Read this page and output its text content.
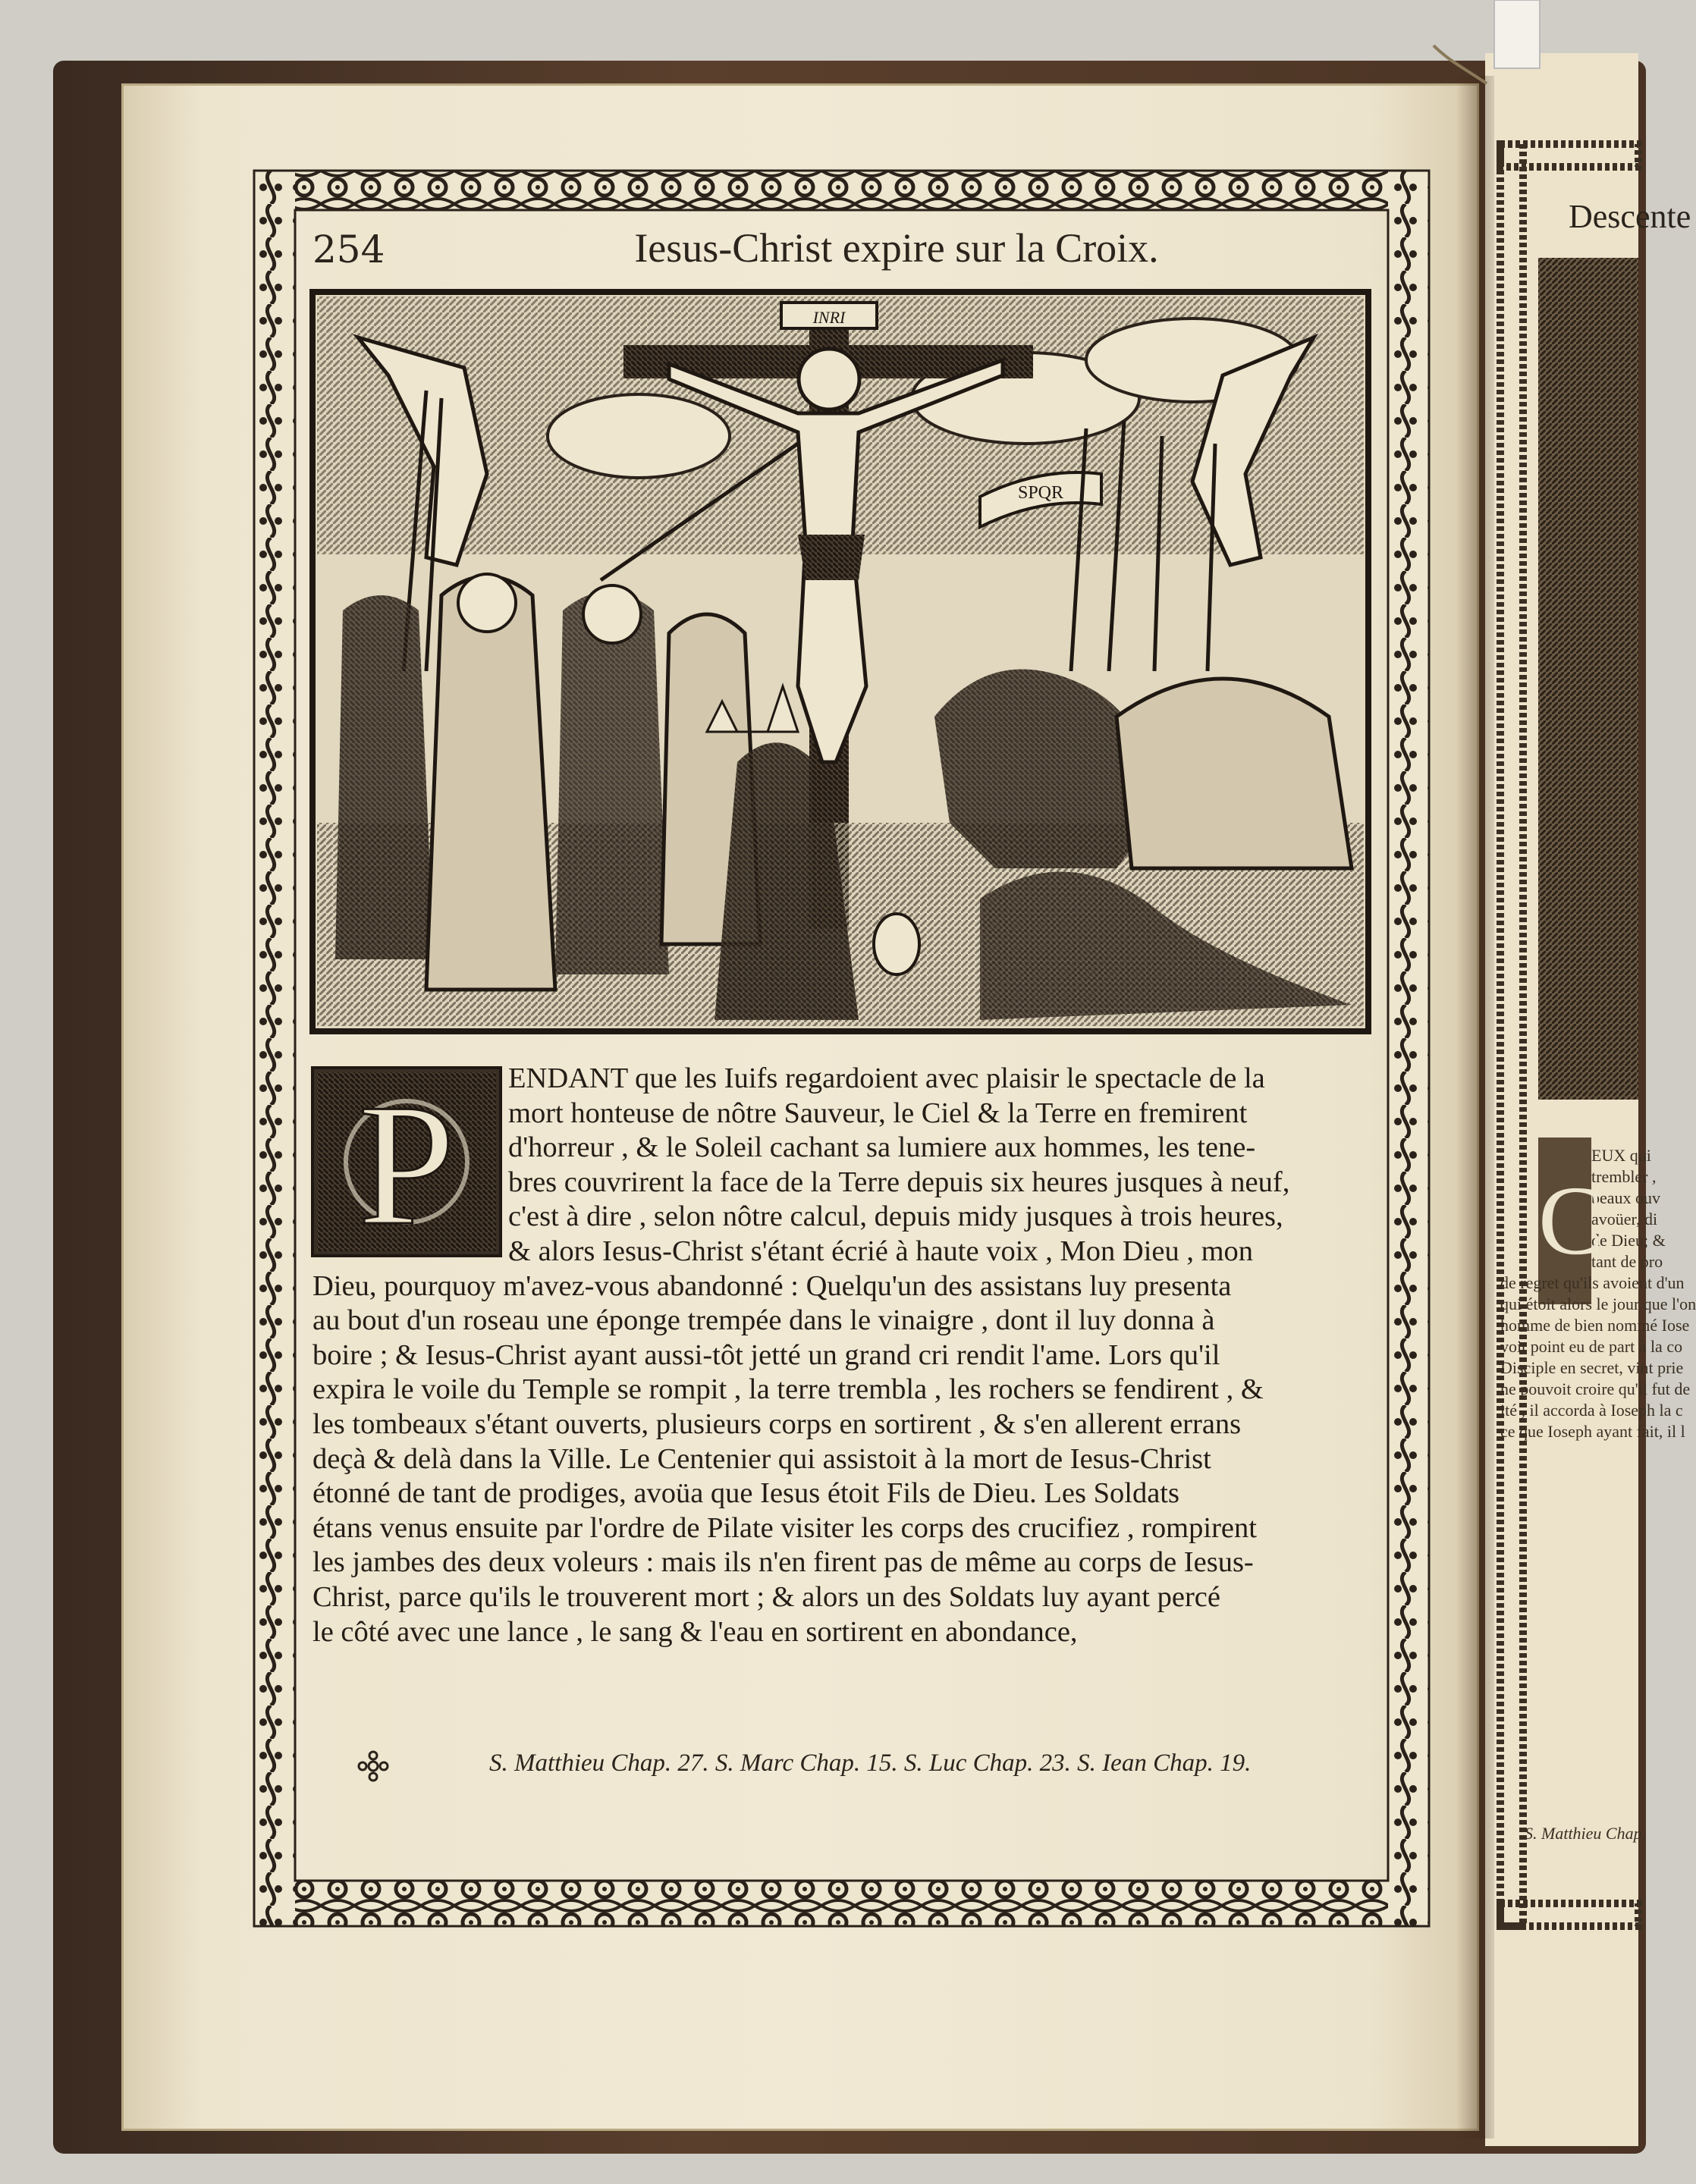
Descente
EUX qui
trembler ,
beaux ouv
avoüer, di
de Dieu; &
tant de pro
de regret qu'ils avoient d'un
qui étoit alors le jour que l'on
homme de bien nommé Iose
voit point eu de part à la co
Disciple en secret, vint prie
ne pouvoit croire qu'il fut de
ité , il accorda à Ioseph la c
ce que Ioseph ayant fait, il l
C
S. Matthieu Chap.
254	Iesus-Christ expire sur la Croix.
INRI
SPQR
P	ENDANT que les Iuifs regardoient avec plaisir le spectacle de la
mort honteuse de nôtre Sauveur, le Ciel & la Terre en fremirent
d'horreur , & le Soleil cachant sa lumiere aux hommes, les tene-
bres couvrirent la face de la Terre depuis six heures jusques à neuf,
c'est à dire , selon nôtre calcul, depuis midy jusques à trois heures,
& alors Iesus-Christ s'étant écrié à haute voix , Mon Dieu , mon
Dieu, pourquoy m'avez-vous abandonné : Quelqu'un des assistans luy presenta
au bout d'un roseau une éponge trempée dans le vinaigre , dont il luy donna à
boire ; & Iesus-Christ ayant aussi-tôt jetté un grand cri rendit l'ame. Lors qu'il
expira le voile du Temple se rompit , la terre trembla , les rochers se fendirent , &
les tombeaux s'étant ouverts, plusieurs corps en sortirent , & s'en allerent errans
deçà & delà dans la Ville. Le Centenier qui assistoit à la mort de Iesus-Christ
étonné de tant de prodiges, avoüa que Iesus étoit Fils de Dieu. Les Soldats
étans venus ensuite par l'ordre de Pilate visiter les corps des crucifiez , rompirent
les jambes des deux voleurs : mais ils n'en firent pas de même au corps de Iesus-
Christ, parce qu'ils le trouverent mort ; & alors un des Soldats luy ayant percé
le côté avec une lance , le sang & l'eau en sortirent en abondance,
S. Matthieu Chap. 27. S. Marc Chap. 15. S. Luc Chap. 23. S. Iean Chap. 19.
